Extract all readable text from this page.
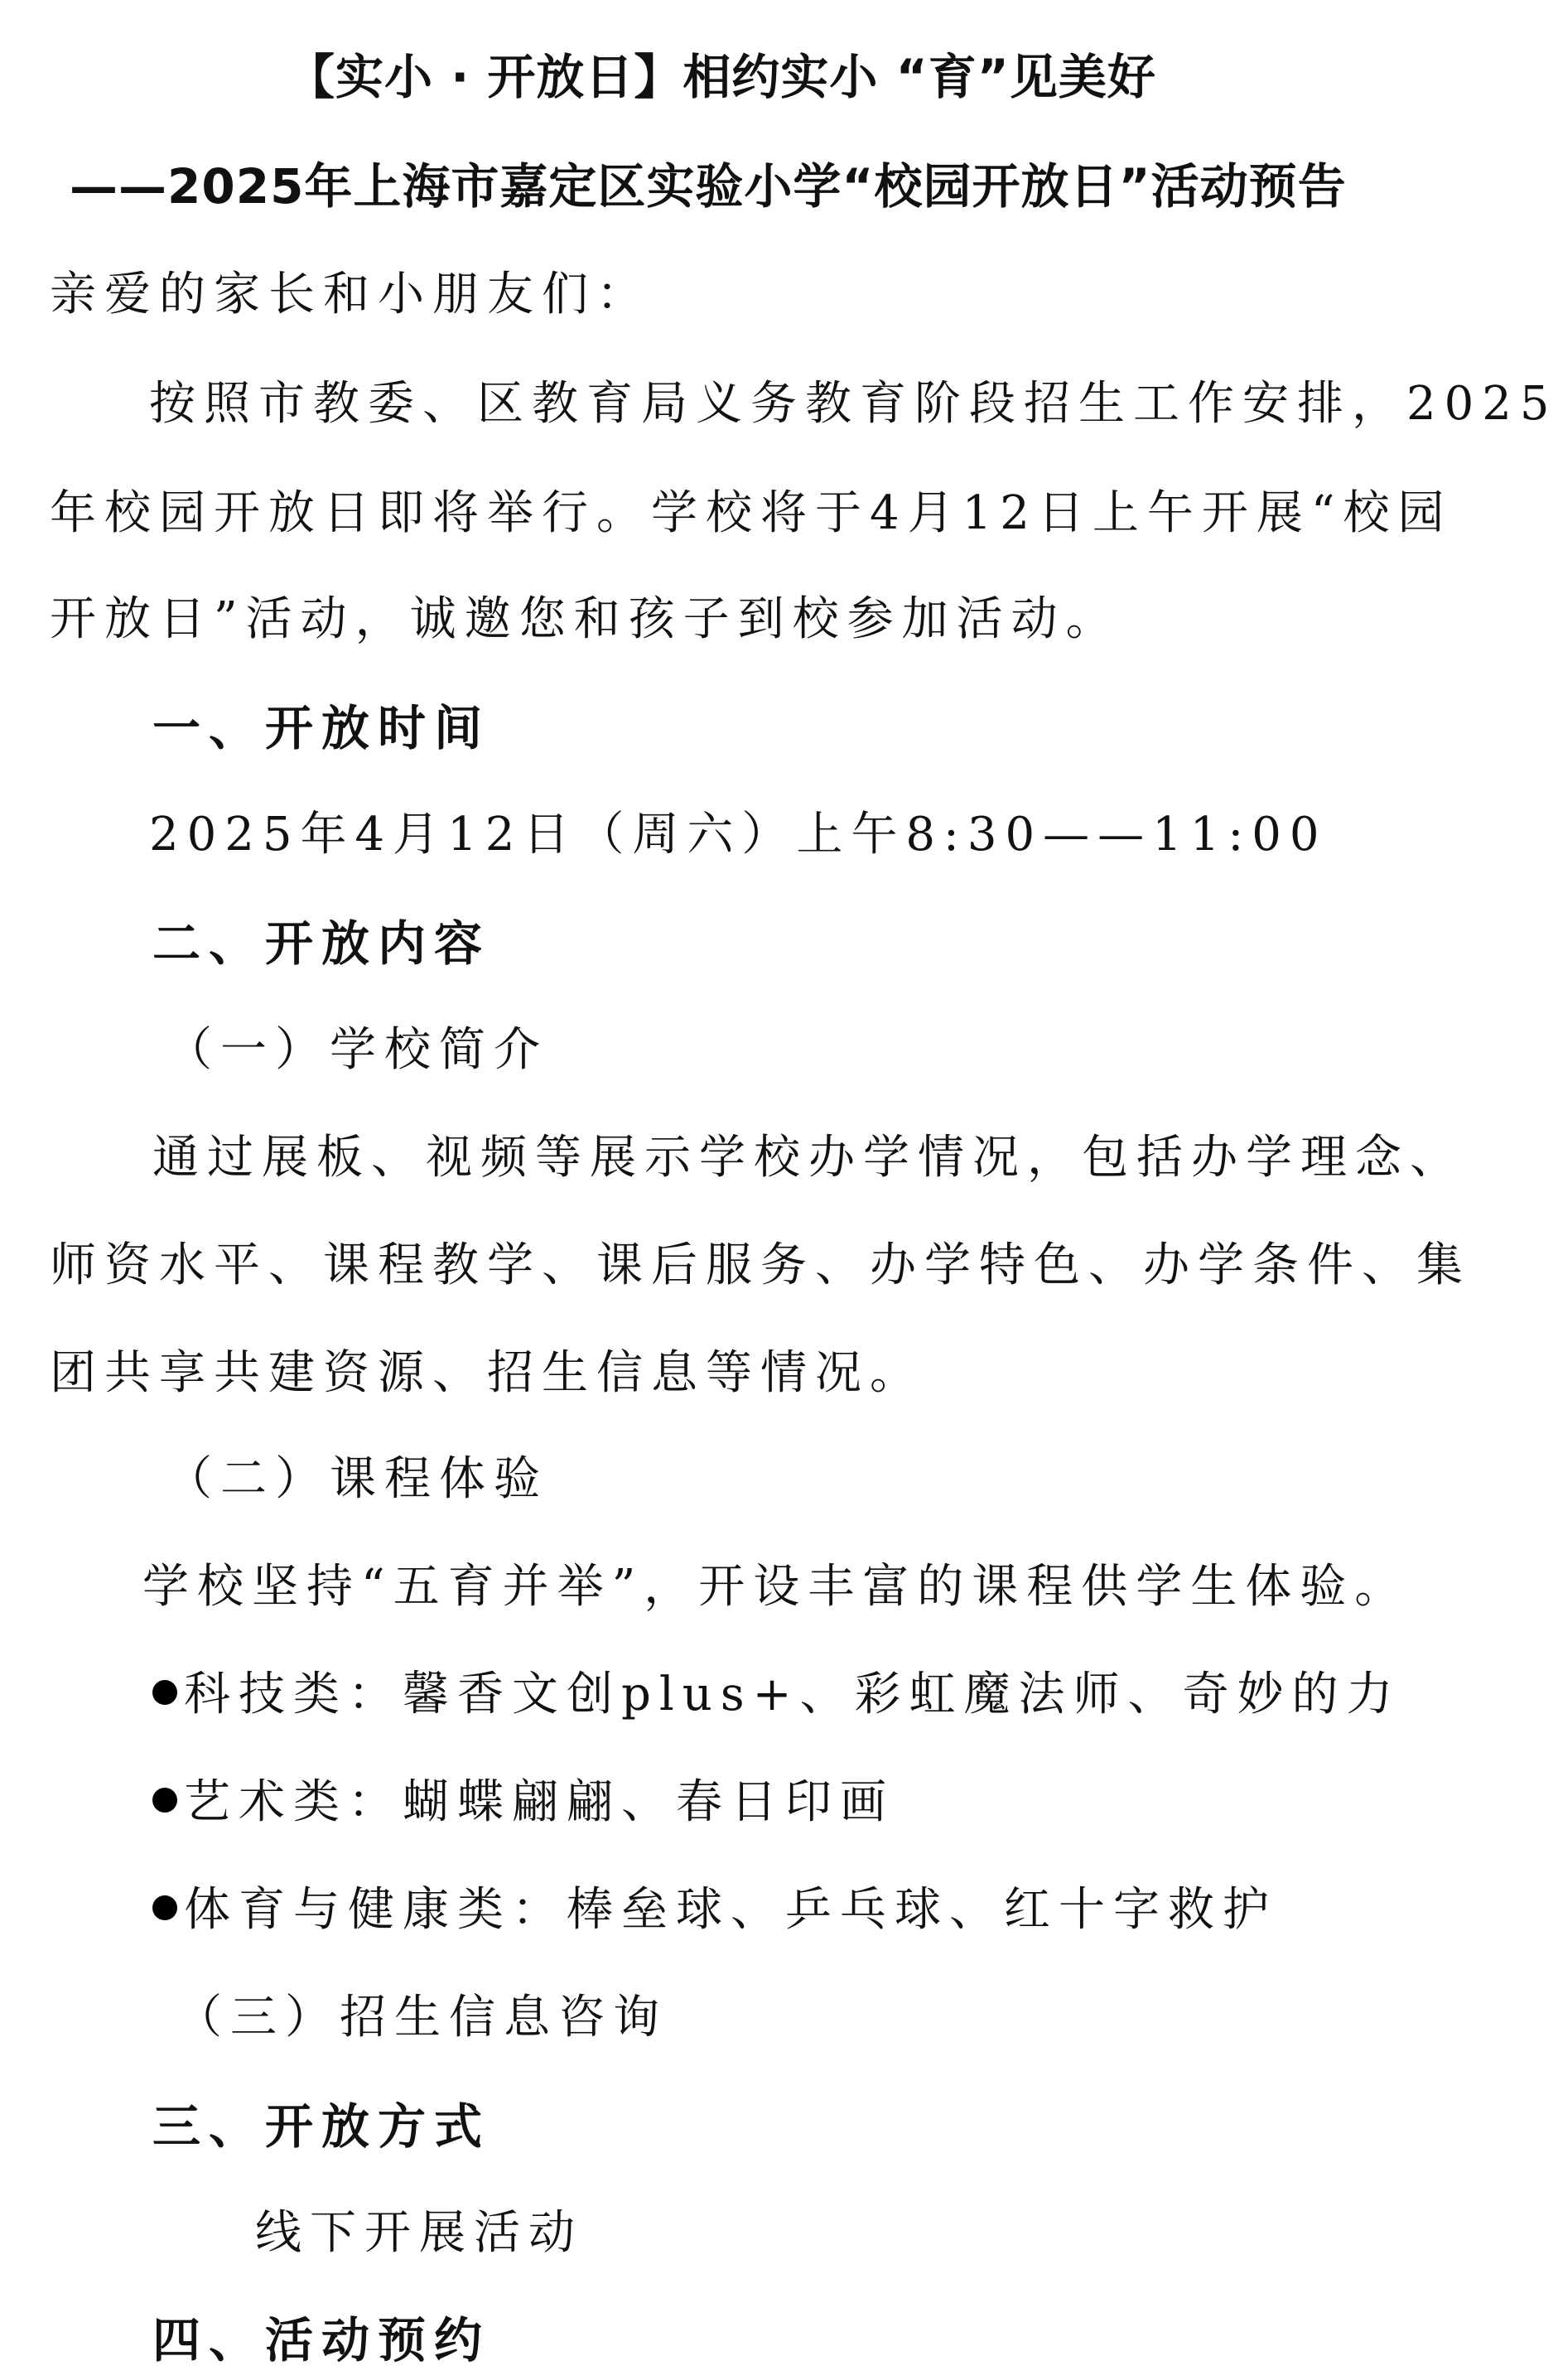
【实小 · 开放日】相约实小 “育”见美好
——2025年上海市嘉定区实验小学“校园开放日”活动预告
亲爱的家长和小朋友们：
按照市教委、区教育局义务教育阶段招生工作安排，2025
年校园开放日即将举行。学校将于4月12日上午开展“校园
开放日”活动，诚邀您和孩子到校参加活动。
一、开放时间
2025年4月12日（周六）上午8:30——11:00
二、开放内容
（一）学校简介
通过展板、视频等展示学校办学情况，包括办学理念、
师资水平、课程教学、课后服务、办学特色、办学条件、集
团共享共建资源、招生信息等情况。
（二）课程体验
学校坚持“五育并举”，开设丰富的课程供学生体验。
科技类：馨香文创plus+、彩虹魔法师、奇妙的力
艺术类：蝴蝶翩翩、春日印画
体育与健康类：棒垒球、乒乓球、红十字救护
（三）招生信息咨询
三、开放方式
线下开展活动
四、活动预约
